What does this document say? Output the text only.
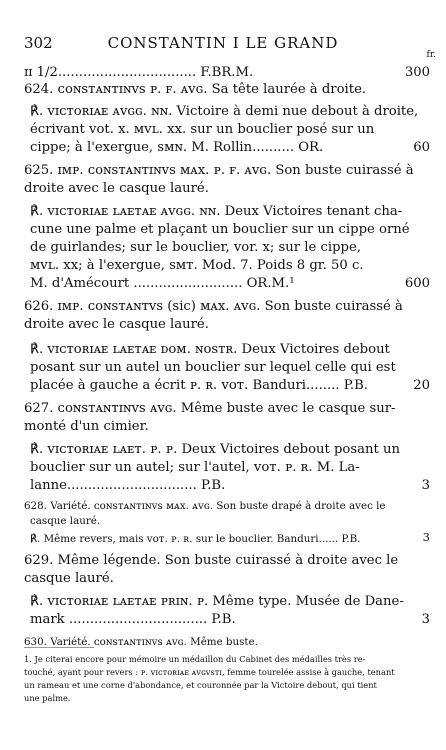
302	CONSTANTIN I LE GRAND
fr.
ɪɪ 1/2................................. F.BR.M.	300
624. ᴄᴏɴsᴛᴀɴᴛɪɴᴠs ᴘ. ꜰ. ᴀᴠɢ. Sa tête laurée à droite.
℟. ᴠɪᴄᴛᴏʀɪᴀᴇ ᴀᴠɢɢ. ɴɴ. Victoire à demi nue debout à droite,
écrivant vot. x. ᴍᴠʟ. xx. sur un bouclier posé sur un
cippe; à l'exergue, sᴍɴ. M. Rollin.......... OR.	60
625. ɪᴍᴘ. ᴄᴏɴsᴛᴀɴᴛɪɴᴠs ᴍᴀx. ᴘ. ꜰ. ᴀᴠɢ. Son buste cuirassé à
droite avec le casque lauré.
℟. ᴠɪᴄᴛᴏʀɪᴀᴇ ʟᴀᴇᴛᴀᴇ ᴀᴠɢɢ. ɴɴ. Deux Victoires tenant cha-
cune une palme et plaçant un bouclier sur un cippe orné
de guirlandes; sur le bouclier, vor. x; sur le cippe,
ᴍᴠʟ. xx; à l'exergue, sᴍᴛ. Mod. 7. Poids 8 gr. 50 c.
M. d'Amécourt .......................... OR.M.¹	600
626. ɪᴍᴘ. ᴄᴏɴsᴛᴀɴᴛᴠs (sic) ᴍᴀx. ᴀᴠɢ. Son buste cuirassé à
droite avec le casque lauré.
℟. ᴠɪᴄᴛᴏʀɪᴀᴇ ʟᴀᴇᴛᴀᴇ ᴅᴏᴍ. ɴᴏsᴛʀ. Deux Victoires debout
posant sur un autel un bouclier sur lequel celle qui est
placée à gauche a écrit ᴘ. ʀ. vᴏᴛ. Banduri........ P.B.	20
627. ᴄᴏɴsᴛᴀɴᴛɪɴᴠs ᴀᴠɢ. Même buste avec le casque sur-
monté d'un cimier.
℟. ᴠɪᴄᴛᴏʀɪᴀᴇ ʟᴀᴇᴛ. ᴘ. ᴘ. Deux Victoires debout posant un
bouclier sur un autel; sur l'autel, ᴠᴏᴛ. ᴘ. ʀ. M. La-
lanne............................... P.B.	3
628. Variété. ᴄᴏɴsᴛᴀɴᴛɪɴᴠs ᴍᴀx. ᴀᴠɢ. Son buste drapé à droite avec le
casque lauré.
℟. Même revers, mais ᴠᴏᴛ. ᴘ. ʀ. sur le bouclier. Banduri...... P.B.	3
629. Même légende. Son buste cuirassé à droite avec le
casque lauré.
℟. ᴠɪᴄᴛᴏʀɪᴀᴇ ʟᴀᴇᴛᴀᴇ ᴘʀɪɴ. ᴘ. Même type. Musée de Dane-
mark ................................. P.B.	3
630. Variété. ᴄᴏɴsᴛᴀɴᴛɪɴᴠs ᴀᴠɢ. Même buste.
1. Je citerai encore pour mémoire un médaillon du Cabinet des médailles très re-
touché, ayant pour revers : ᴘ. ᴠɪᴄᴛᴏʀɪᴀᴇ ᴀᴠɢᴠsᴛɪ, femme tourelée assise à gauche, tenant
un rameau et une corne d'abondance, et couronnée par la Victoire debout, qui tient
une palme.
